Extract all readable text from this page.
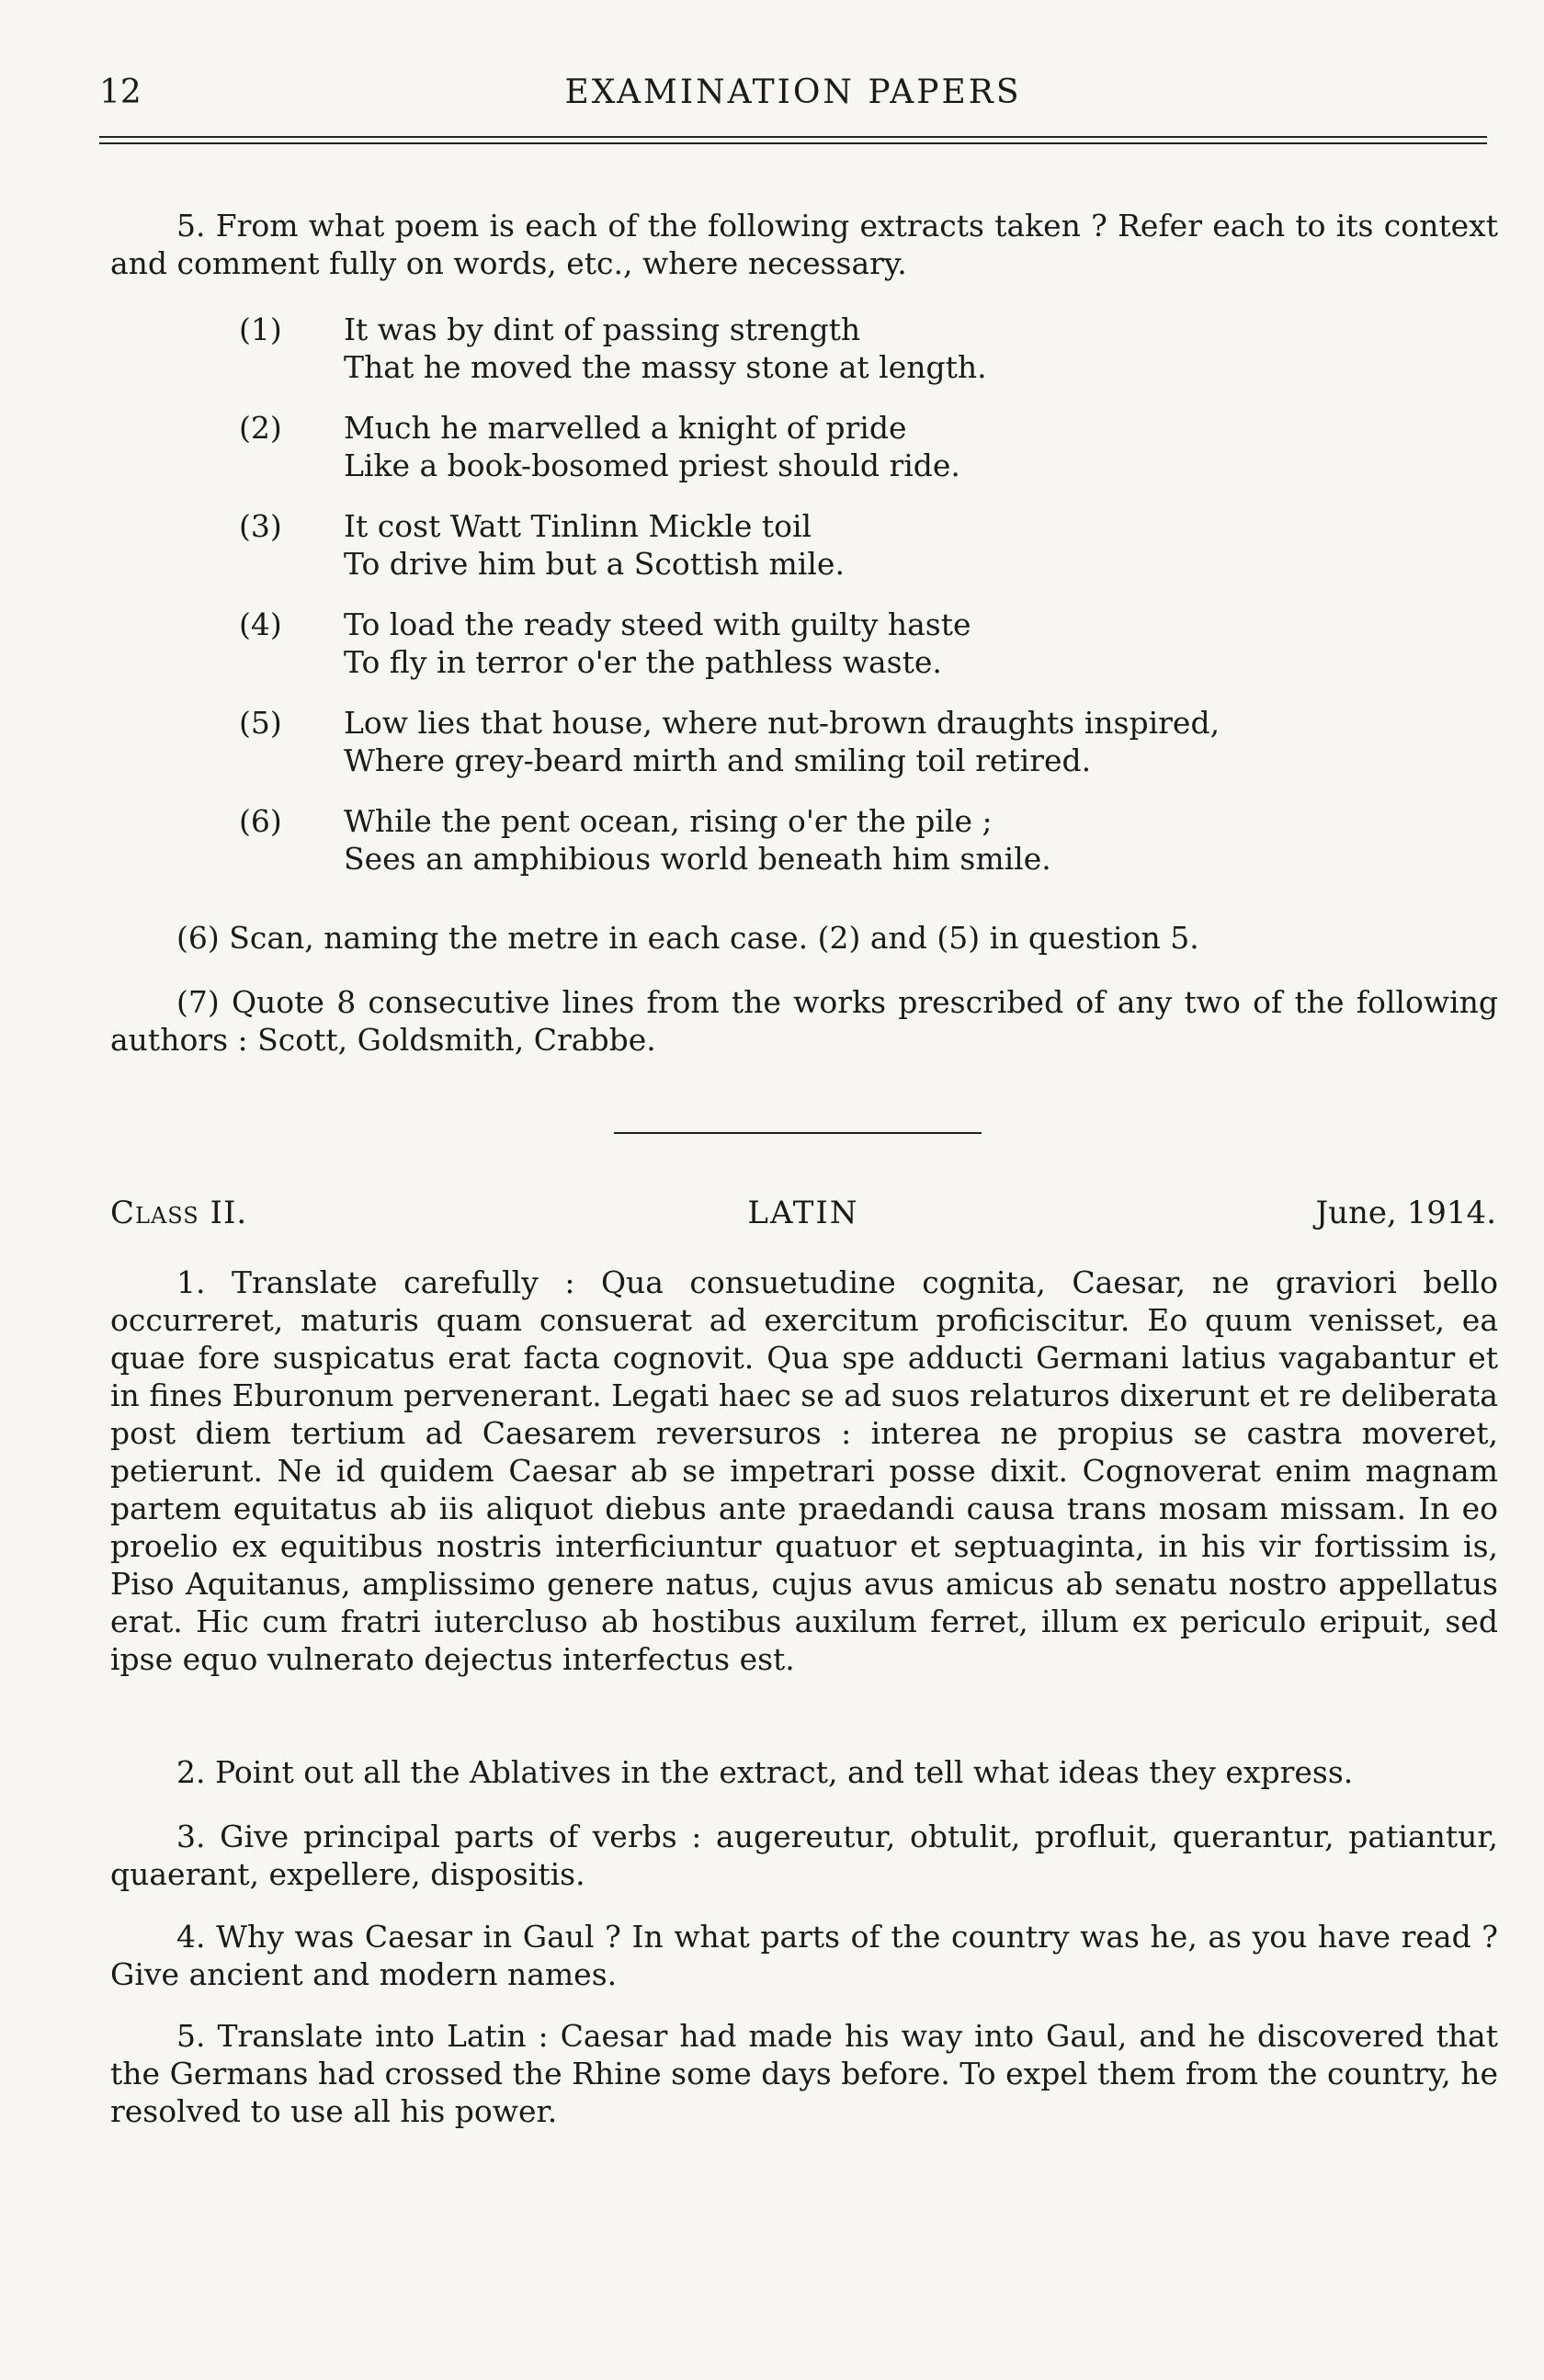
12	EXAMINATION PAPERS

5. From what poem is each of the following extracts taken ? Refer each to its context and comment fully on words, etc., where necessary.

(1) It was by dint of passing strength
That he moved the massy stone at length.
(2) Much he marvelled a knight of pride
Like a book-bosomed priest should ride.
(3) It cost Watt Tinlinn Mickle toil
To drive him but a Scottish mile.
(4) To load the ready steed with guilty haste
To fly in terror o'er the pathless waste.
(5) Low lies that house, where nut-brown draughts inspired,
Where grey-beard mirth and smiling toil retired.
(6) While the pent ocean, rising o'er the pile ;
Sees an amphibious world beneath him smile.

(6) Scan, naming the metre in each case. (2) and (5) in question 5.

(7) Quote 8 consecutive lines from the works prescribed of any two of the following authors : Scott, Goldsmith, Crabbe.

Class II.	LATIN	June, 1914.

1. Translate carefully : Qua consuetudine cognita, Caesar, ne graviori bello occurreret, maturis quam consuerat ad exercitum proficiscitur. Eo quum venisset, ea quae fore suspicatus erat facta cognovit. Qua spe adducti Germani latius vagabantur et in fines Eburonum pervenerant. Legati haec se ad suos relaturos dixerunt et re deliberata post diem tertium ad Caesarem reversuros : interea ne propius se castra moveret, petierunt. Ne id quidem Caesar ab se impetrari posse dixit. Cognoverat enim magnam partem equitatus ab iis aliquot diebus ante praedandi causa trans mosam missam. In eo proelio ex equitibus nostris interficiuntur quatuor et septuaginta, in his vir fortissim is, Piso Aquitanus, amplissimo genere natus, cujus avus amicus ab senatu nostro appellatus erat. Hic cum fratri iutercluso ab hostibus auxilum ferret, illum ex periculo eripuit, sed ipse equo vulnerato dejectus interfectus est.

2. Point out all the Ablatives in the extract, and tell what ideas they express.

3. Give principal parts of verbs : augereutur, obtulit, profluit, querantur, patiantur, quaerant, expellere, dispositis.

4. Why was Caesar in Gaul ? In what parts of the country was he, as you have read ? Give ancient and modern names.

5. Translate into Latin : Caesar had made his way into Gaul, and he discovered that the Germans had crossed the Rhine some days before. To expel them from the country, he resolved to use all his power.
